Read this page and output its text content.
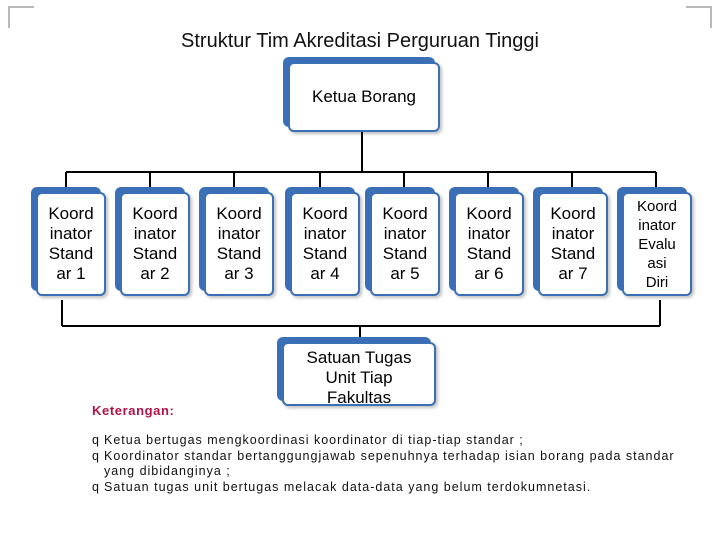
Struktur Tim Akreditasi Perguruan Tinggi
Ketua Borang
Koord
inator
Stand
ar 1
Koord
inator
Stand
ar 2
Koord
inator
Stand
ar 3
Koord
inator
Stand
ar 4
Koord
inator
Stand
ar 5
Koord
inator
Stand
ar 6
Koord
inator
Stand
ar 7
Koord
inator
Evalu
asi
Diri
Satuan Tugas
Unit Tiap
Fakultas
Keterangan:
q Ketua bertugas mengkoordinasi koordinator di tiap-tiap standar ;
q Koordinator standar bertanggungjawab sepenuhnya terhadap isian borang pada standar yang dibidanginya ;
q Satuan tugas unit bertugas melacak data-data yang belum terdokumnetasi.
